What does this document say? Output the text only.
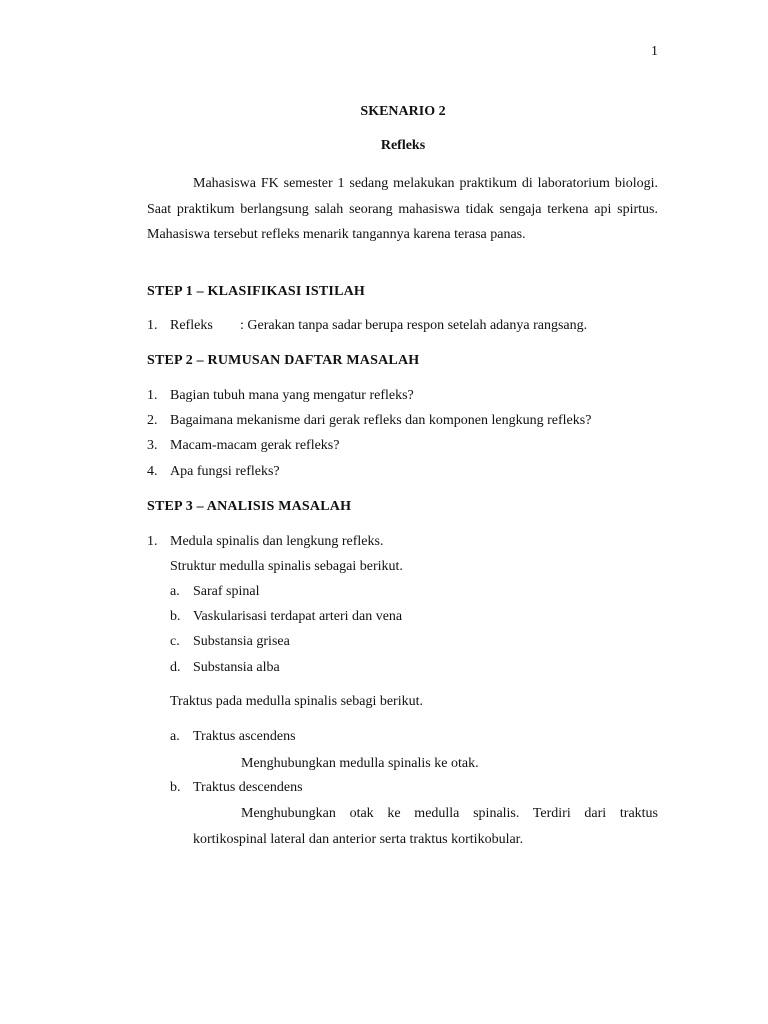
1
SKENARIO 2
Refleks

Mahasiswa FK semester 1 sedang melakukan praktikum di laboratorium biologi. Saat praktikum berlangsung salah seorang mahasiswa tidak sengaja terkena api spirtus. Mahasiswa tersebut refleks menarik tangannya karena terasa panas.

STEP 1 – KLASIFIKASI ISTILAH
1. Refleks : Gerakan tanpa sadar berupa respon setelah adanya rangsang.
STEP 2 – RUMUSAN DAFTAR MASALAH
1. Bagian tubuh mana yang mengatur refleks?
2. Bagaimana mekanisme dari gerak refleks dan komponen lengkung refleks?
3. Macam-macam gerak refleks?
4. Apa fungsi refleks?
STEP 3 – ANALISIS MASALAH
1. Medula spinalis dan lengkung refleks.
Struktur medulla spinalis sebagai berikut.
a. Saraf spinal
b. Vaskularisasi terdapat arteri dan vena
c. Substansia grisea
d. Substansia alba
Traktus pada medulla spinalis sebagi berikut.
a. Traktus ascendens

Menghubungkan medulla spinalis ke otak.

b. Traktus descendens

Menghubungkan otak ke medulla spinalis. Terdiri dari traktus kortikospinal lateral dan anterior serta traktus kortikobular.
